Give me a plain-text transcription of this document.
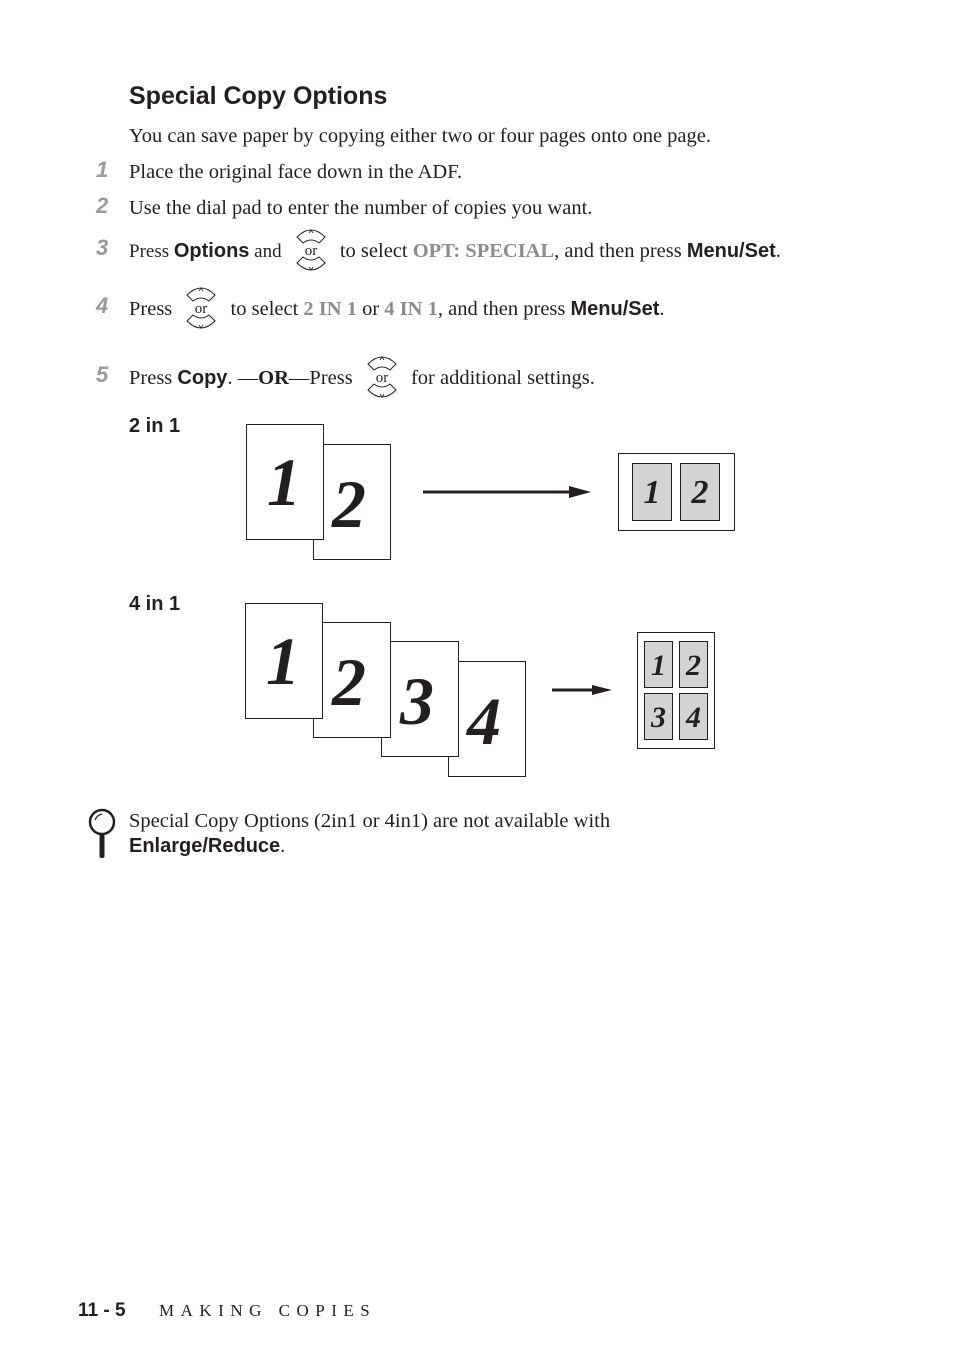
Special Copy Options
You can save paper by copying either two or four pages onto one page.
1 Place the original face down in the ADF.
2 Use the dial pad to enter the number of copies you want.
3 Press Options and	to select OPT: SPECIAL, and then press Menu/Set.
4 Press	to select 2 IN 1 or 4 IN 1, and then press Menu/Set.
5 Press Copy. —OR—Press	for additional settings.
2 in 1
2
1	1 2
4 in 1
4
3
2
1	1 2
3 4
Special Copy Options (2in1 or 4in1) are not available with
Enlarge/Reduce.
11 - 5 MAKING COPIES
